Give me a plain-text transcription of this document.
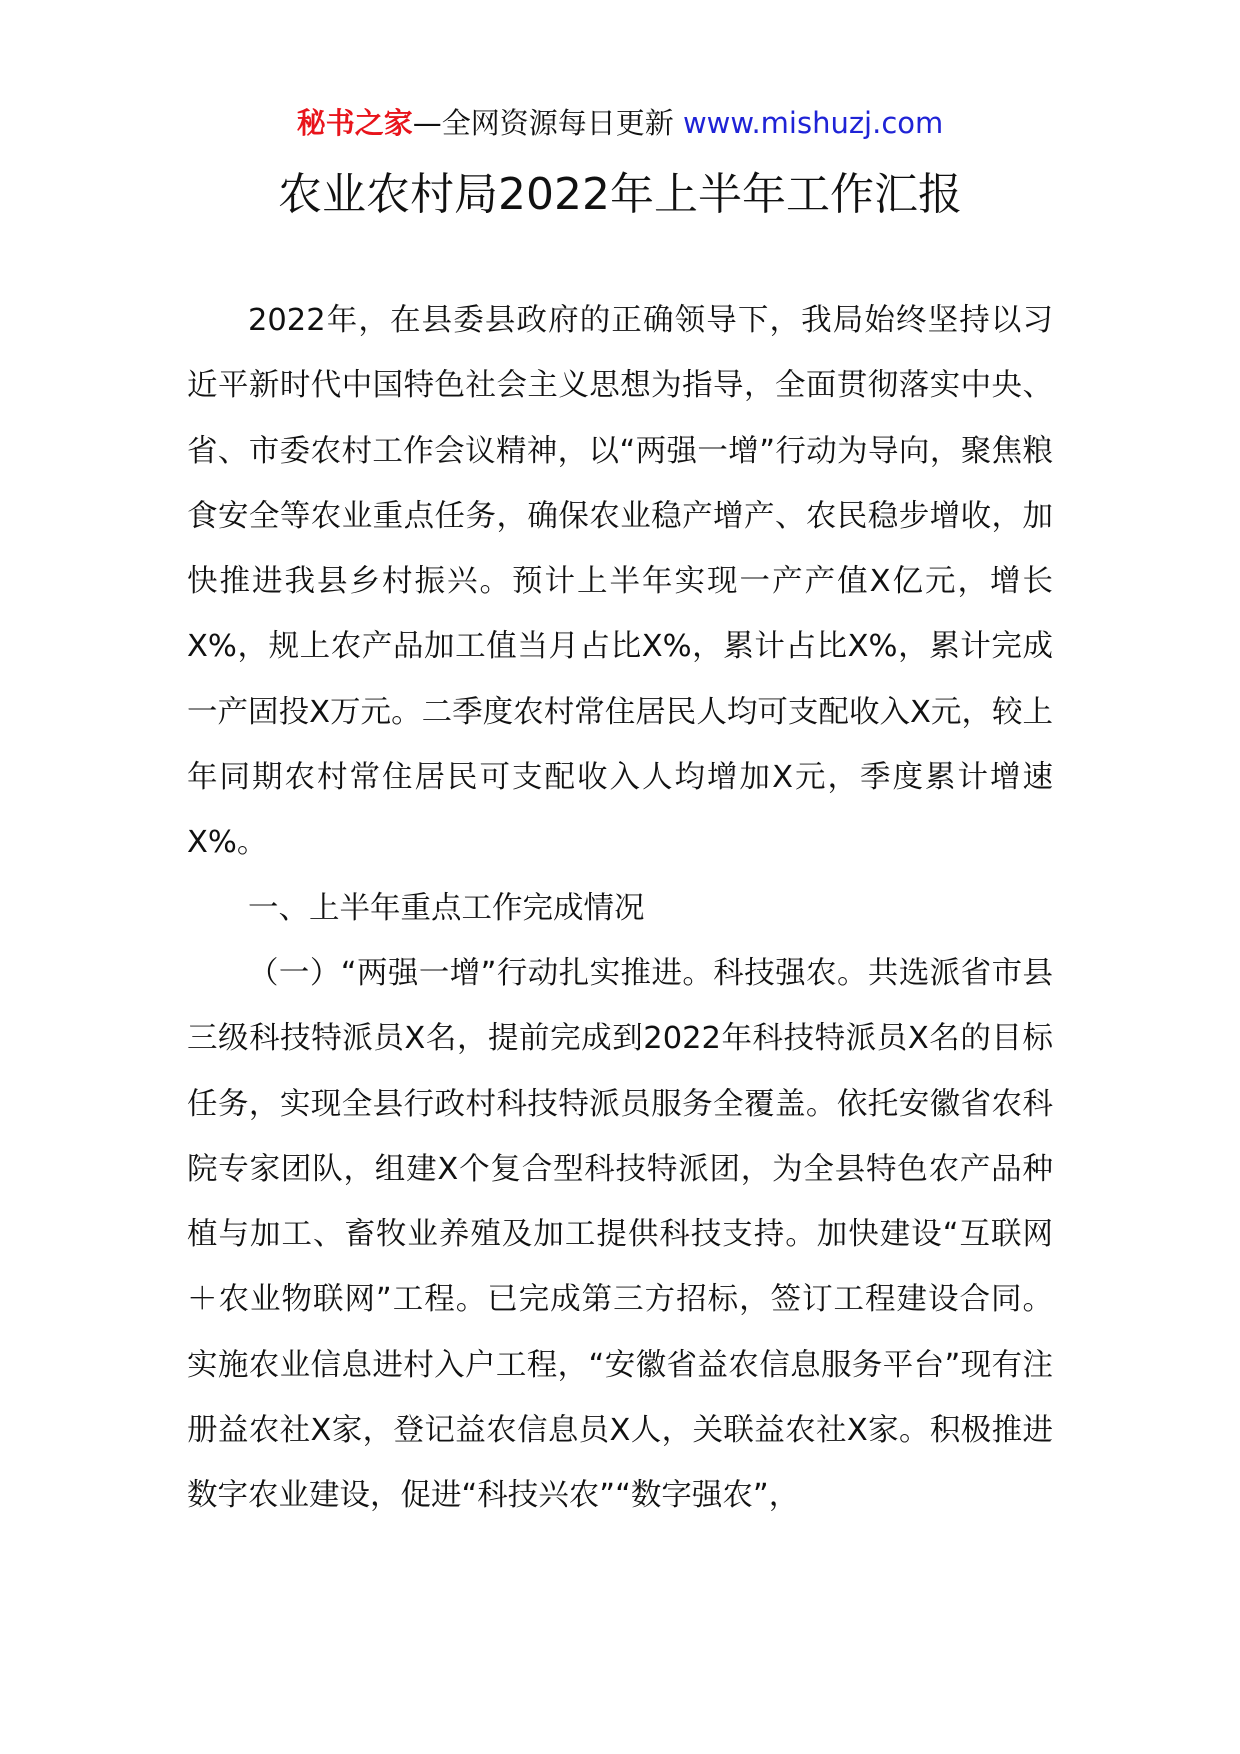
秘书之家—全网资源每日更新 www.mishuzj.com
农业农村局2022年上半年工作汇报

2022年，在县委县政府的正确领导下，我局始终坚持以习近平新时代中国特色社会主义思想为指导，全面贯彻落实中央、省、市委农村工作会议精神，以“两强一增”行动为导向，聚焦粮食安全等农业重点任务，确保农业稳产增产、农民稳步增收，加快推进我县乡村振兴。预计上半年实现一产产值X亿元，增长X%，规上农产品加工值当月占比X%，累计占比X%，累计完成一产固投X万元。二季度农村常住居民人均可支配收入X元，较上年同期农村常住居民可支配收入人均增加X元，季度累计增速X%。

一、上半年重点工作完成情况

（一）“两强一增”行动扎实推进。科技强农。共选派省市县三级科技特派员X名，提前完成到2022年科技特派员X名的目标任务，实现全县行政村科技特派员服务全覆盖。依托安徽省农科院专家团队，组建X个复合型科技特派团，为全县特色农产品种植与加工、畜牧业养殖及加工提供科技支持。加快建设“互联网＋农业物联网”工程。已完成第三方招标，签订工程建设合同。实施农业信息进村入户工程，“安徽省益农信息服务平台”现有注册益农社X家，登记益农信息员X人，关联益农社X家。积极推进数字农业建设，促进“科技兴农”“数字强农”，
